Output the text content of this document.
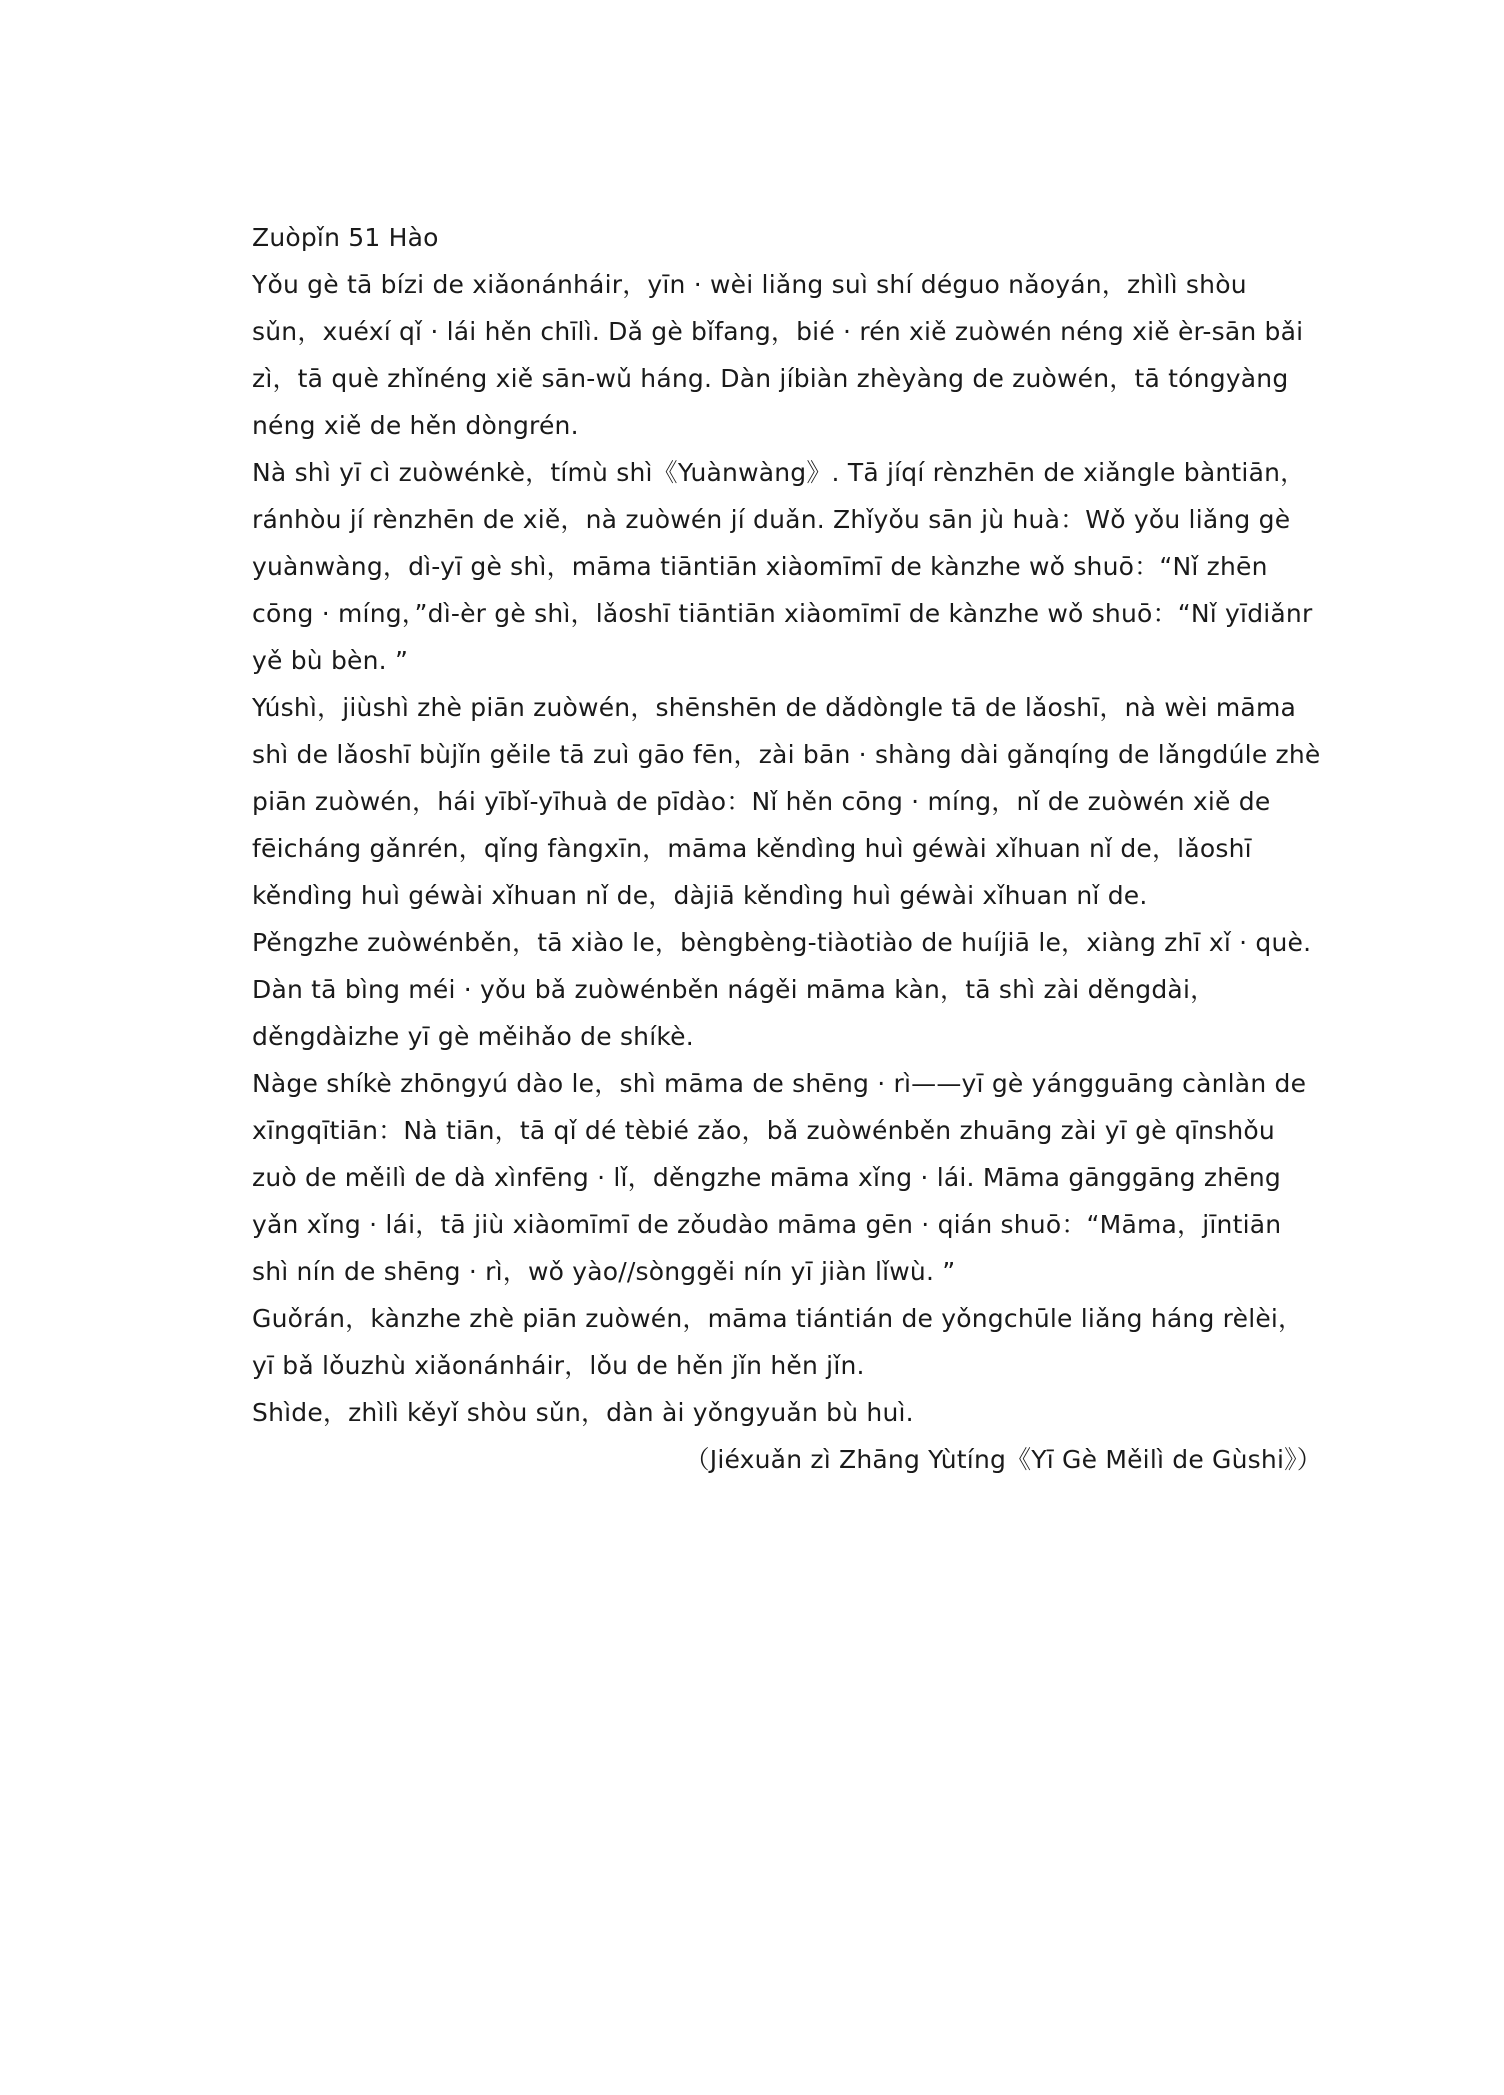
Zuòpǐn 51 Hào

Yǒu gè tā bízi de xiǎonánháir，yīn · wèi liǎng suì shí déguo nǎoyán，zhìlì shòu sǔn，xuéxí qǐ · lái hěn chīlì. Dǎ gè bǐfang，bié · rén xiě zuòwén néng xiě èr-sān bǎi zì，tā què zhǐnéng xiě sān-wǔ háng. Dàn jíbiàn zhèyàng de zuòwén，tā tóngyàng néng xiě de hěn dòngrén.

Nà shì yī cì zuòwénkè，tímù shì《Yuànwàng》. Tā jíqí rènzhēn de xiǎngle bàntiān，ránhòu jí rènzhēn de xiě，nà zuòwén jí duǎn. Zhǐyǒu sān jù huà：Wǒ yǒu liǎng gè yuànwàng，dì-yī gè shì，māma tiāntiān xiàomīmī de kànzhe wǒ shuō：“Nǐ zhēn cōng · míng，”dì-èr gè shì，lǎoshī tiāntiān xiàomīmī de kànzhe wǒ shuō：“Nǐ yīdiǎnr yě bù bèn. ”

Yúshì，jiùshì zhè piān zuòwén，shēnshēn de dǎdòngle tā de lǎoshī，nà wèi māma shì de lǎoshī bùjǐn gěile tā zuì gāo fēn，zài bān · shàng dài gǎnqíng de lǎngdúle zhè piān zuòwén，hái yībǐ-yīhuà de pīdào：Nǐ hěn cōng · míng，nǐ de zuòwén xiě de fēicháng gǎnrén，qǐng fàngxīn，māma kěndìng huì géwài xǐhuan nǐ de，lǎoshī kěndìng huì géwài xǐhuan nǐ de，dàjiā kěndìng huì géwài xǐhuan nǐ de.

Pěngzhe zuòwénběn，tā xiào le，bèngbèng-tiàotiào de huíjiā le，xiàng zhī xǐ · què. Dàn tā bìng méi · yǒu bǎ zuòwénběn nágěi māma kàn，tā shì zài děngdài，děngdàizhe yī gè měihǎo de shíkè.

Nàge shíkè zhōngyú dào le，shì māma de shēng · rì——yī gè yángguāng cànlàn de xīngqītiān：Nà tiān，tā qǐ dé tèbié zǎo，bǎ zuòwénběn zhuāng zài yī gè qīnshǒu zuò de měilì de dà xìnfēng · lǐ，děngzhe māma xǐng · lái. Māma gānggāng zhēng yǎn xǐng · lái，tā jiù xiàomīmī de zǒudào māma gēn · qián shuō：“Māma，jīntiān shì nín de shēng · rì，wǒ yào//sònggěi nín yī jiàn lǐwù. ”

Guǒrán，kànzhe zhè piān zuòwén，māma tiántián de yǒngchūle liǎng háng rèlèi，yī bǎ lǒuzhù xiǎonánháir，lǒu de hěn jǐn hěn jǐn.

Shìde，zhìlì kěyǐ shòu sǔn，dàn ài yǒngyuǎn bù huì.

（Jiéxuǎn zì Zhāng Yùtíng《Yī Gè Měilì de Gùshi》）
